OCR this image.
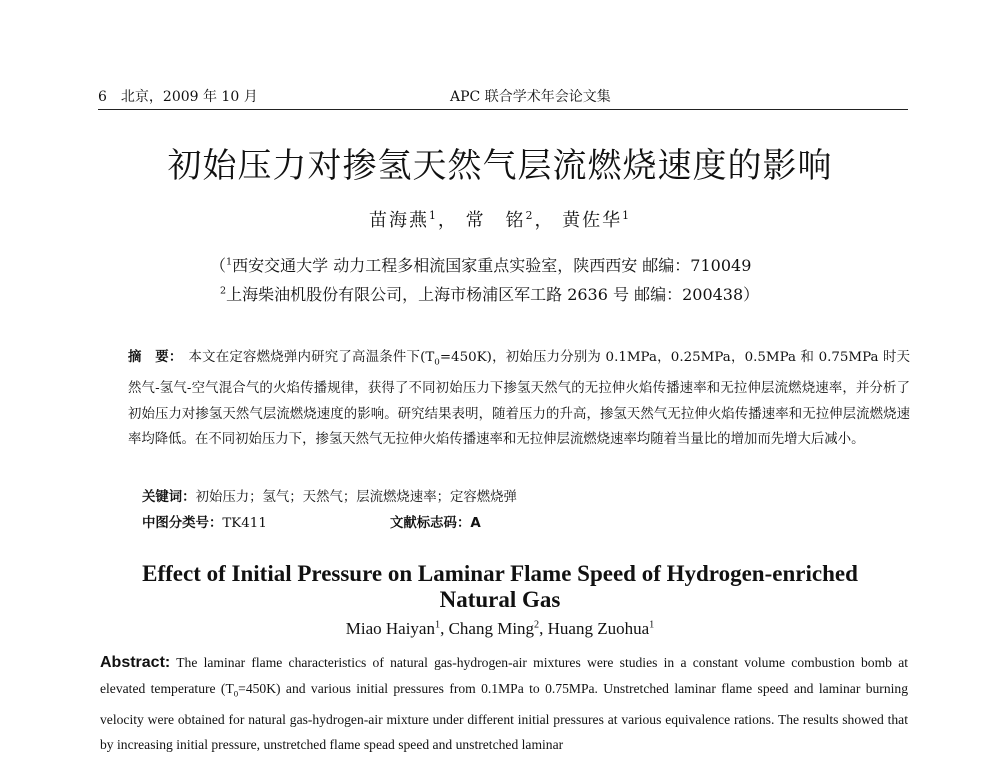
6　北京，2009 年 10 月	APC 联合学术年会论文集
初始压力对掺氢天然气层流燃烧速度的影响
苗海燕$^1$， 常　铭$^2$， 黄佐华$^1$
（$^1$西安交通大学 动力工程多相流国家重点实验室，陕西西安 邮编：710049
$^2$上海柴油机股份有限公司，上海市杨浦区军工路 2636 号 邮编：200438）
摘　要： 本文在定容燃烧弹内研究了高温条件下$(T_0=450K)$，初始压力分别为 0.1MPa，0.25MPa，0.5MPa 和 0.75MPa 时天然气-氢气-空气混合气的火焰传播规律，获得了不同初始压力下掺氢天然气的无拉伸火焰传播速率和无拉伸层流燃烧速率，并分析了初始压力对掺氢天然气层流燃烧速度的影响。研究结果表明，随着压力的升高，掺氢天然气无拉伸火焰传播速率和无拉伸层流燃烧速率均降低。在不同初始压力下，掺氢天然气无拉伸火焰传播速率和无拉伸层流燃烧速率均随着当量比的增加而先增大后减小。
关键词：初始压力；氢气；天然气；层流燃烧速率；定容燃烧弹
中图分类号：TK411	文献标志码：A
Effect of Initial Pressure on Laminar Flame Speed of Hydrogen-enriched
Natural Gas
Miao Haiyan$^1$, Chang Ming$^2$, Huang Zuohua$^1$
Abstract: The laminar flame characteristics of natural gas-hydrogen-air mixtures were studies in a constant volume combustion bomb at elevated temperature $(T_0=450K)$ and various initial pressures from 0.1MPa to 0.75MPa. Unstretched laminar flame speed and laminar burning velocity were obtained for natural gas-hydrogen-air mixture under different initial pressures at various equivalence rations. The results showed that by increasing initial pressure, unstretched flame spead speed and unstretched laminar
